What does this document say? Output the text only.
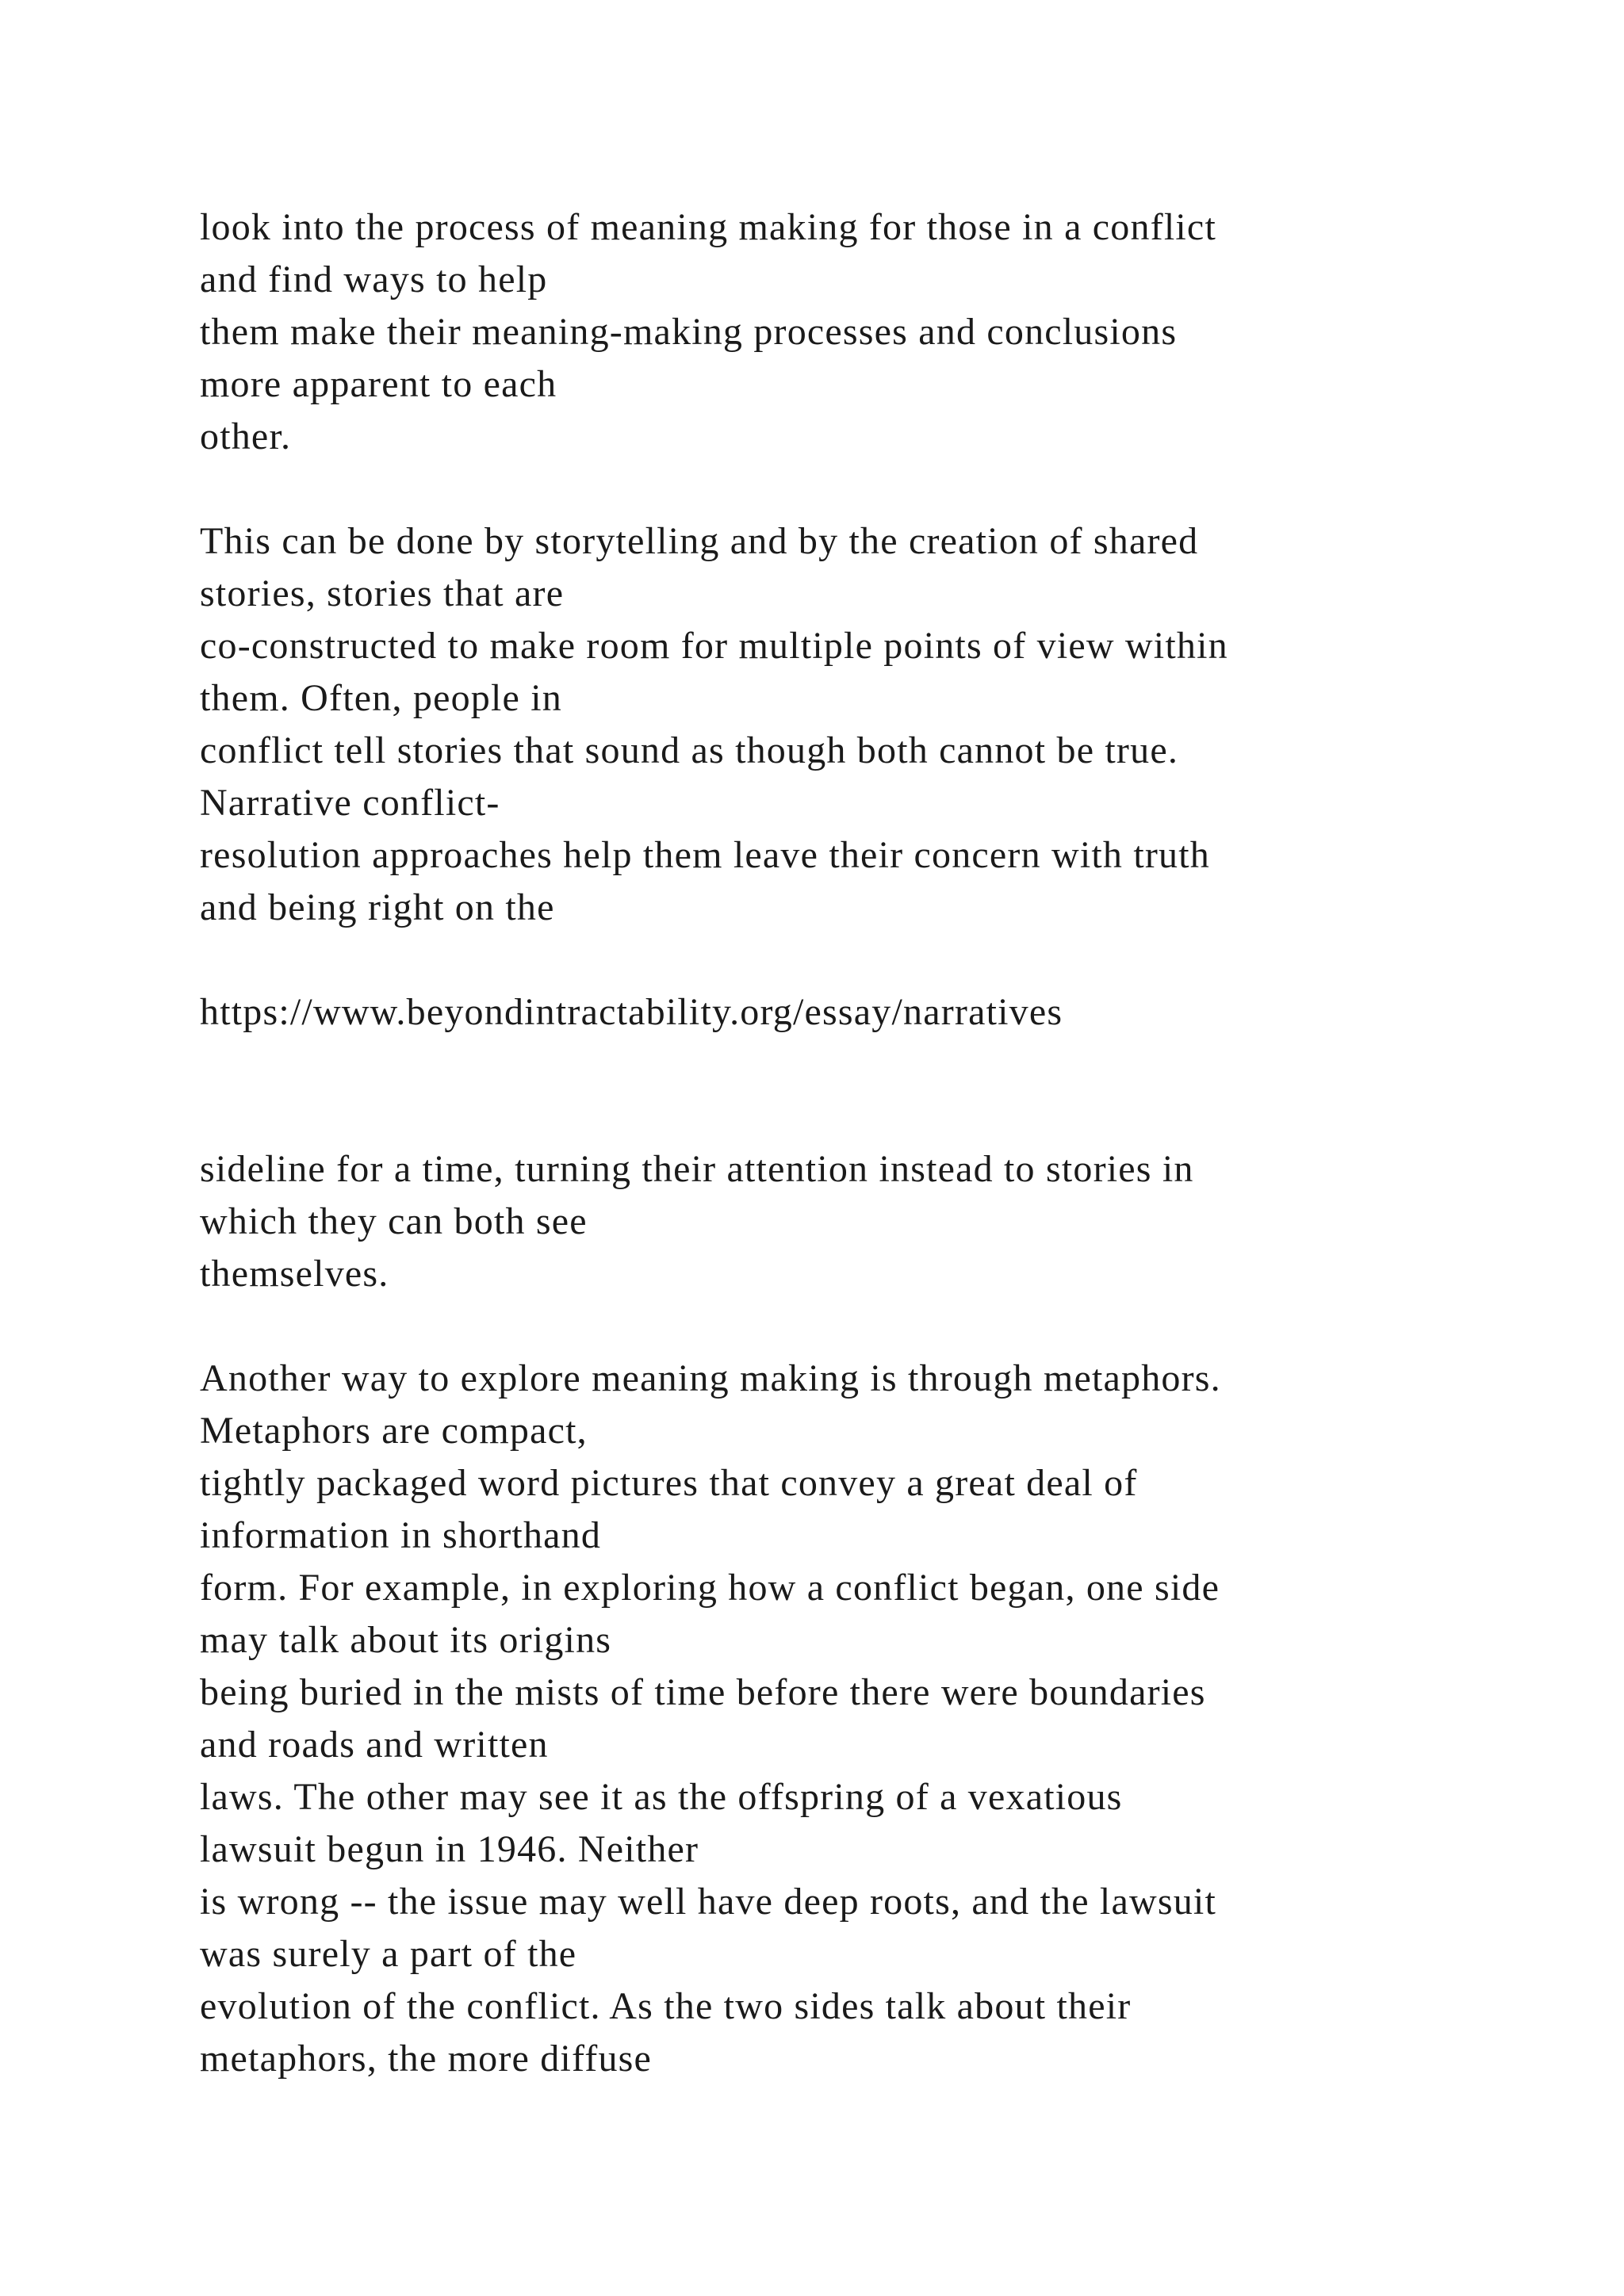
look into the process of meaning making for those in a conflict

and find ways to help

them make their meaning-making processes and conclusions

more apparent to each

other.

This can be done by storytelling and by the creation of shared

stories, stories that are

co-constructed to make room for multiple points of view within

them. Often, people in

conflict tell stories that sound as though both cannot be true.

Narrative conflict-

resolution approaches help them leave their concern with truth

and being right on the

https://www.beyondintractability.org/essay/narratives

sideline for a time, turning their attention instead to stories in

which they can both see

themselves.

Another way to explore meaning making is through metaphors.

Metaphors are compact,

tightly packaged word pictures that convey a great deal of

information in shorthand

form. For example, in exploring how a conflict began, one side

may talk about its origins

being buried in the mists of time before there were boundaries

and roads and written

laws. The other may see it as the offspring of a vexatious

lawsuit begun in 1946. Neither

is wrong -- the issue may well have deep roots, and the lawsuit

was surely a part of the

evolution of the conflict. As the two sides talk about their

metaphors, the more diffuse
